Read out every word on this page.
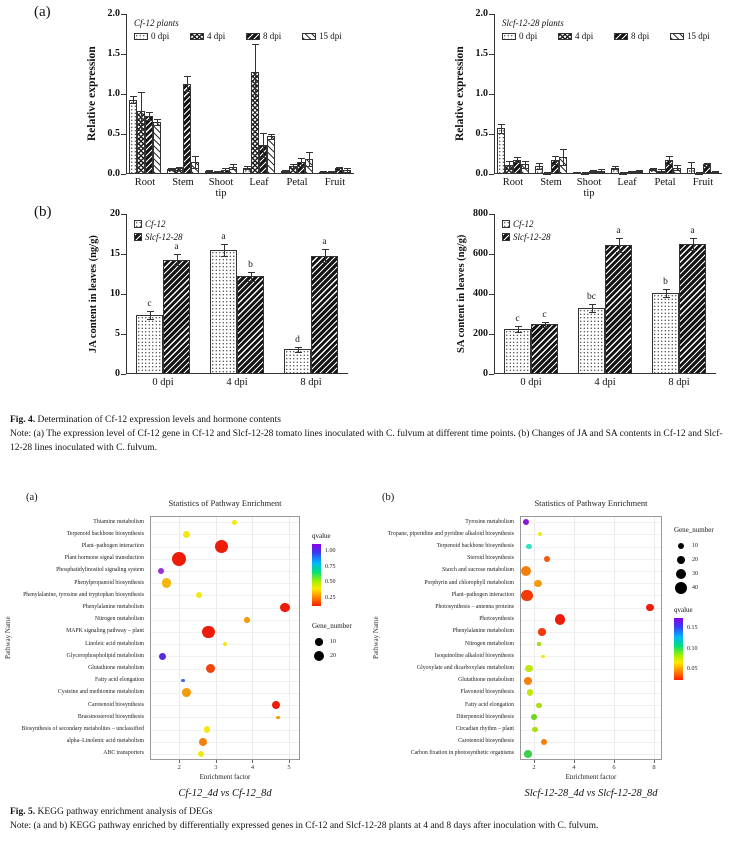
(a)
Relative expression
0.0
0.5
1.0
1.5
2.0
Root	Stem	Shoot tip
Leaf	Petal	Fruit
Cf-12 plants
0 dpi	4 dpi	8 dpi	15 dpi
Relative expression
0.0
0.5
1.0
1.5
2.0
Root	Stem	Shoot tip
Leaf	Petal	Fruit
Slcf-12-28 plants
0 dpi	4 dpi	8 dpi	15 dpi
(b)
JA content in leaves (ng/g)
0
5
10
15
20
0 dpi	4 dpi	8 dpi
c
a
d
a
b
a
Cf-12
Slcf-12-28	SA content in leaves (ng/g)
0
200
400
600
800
0 dpi	4 dpi	8 dpi
c
bc
b
c
a	a
Cf-12
Slcf-12-28
Fig. 4. Determination of Cf-12 expression levels and hormone contents
Note: (a) The expression level of Cf-12 gene in Cf-12 and Slcf-12-28 tomato lines inoculated with C. fulvum at different time points. (b) Changes of JA and SA contents in Cf-12 and Slcf-12-28 lines inoculated with C. fulvum.
(a)	Statistics of Pathway Enrichment
Pathway Name
2	3	4	5
Thiamine metabolism
Terpenoid backbone biosynthesis
Plant–pathogen interaction
Plant hormone signal transduction
Phosphatidylinositol signaling system
Phenylpropanoid biosynthesis
Phenylalanine, tyrosine and tryptophan biosynthesis
Phenylalanine metabolism
Nitrogen metabolism
MAPK signaling pathway – plant
Linoleic acid metabolism
Glycerophospholipid metabolism
Glutathione metabolism
Fatty acid elongation
Cysteine and methionine metabolism
Carotenoid biosynthesis
Brassinosteroid biosynthesis
Biosynthesis of secondary metabolites – unclassified
alpha–Linolenic acid metabolism
ABC transporters
Enrichment factor
Cf-12_4d vs Cf-12_8d
qvalue
1.00
0.75
0.50
0.25
Gene_number
10
20
(b)	Statistics of Pathway Enrichment
Pathway Name
2	4	6	8
Tyrosine metabolism
Tropane, piperidine and pyridine alkaloid biosynthesis
Terpenoid backbone biosynthesis
Steroid biosynthesis
Starch and sucrose metabolism
Porphyrin and chlorophyll metabolism
Plant–pathogen interaction
Photosynthesis – antenna proteins
Photosynthesis
Phenylalanine metabolism
Nitrogen metabolism
Isoquinoline alkaloid biosynthesis
Glyoxylate and dicarboxylate metabolism
Glutathione metabolism
Flavonoid biosynthesis
Fatty acid elongation
Diterpenoid biosynthesis
Circadian rhythm – plant
Carotenoid biosynthesis
Carbon fixation in photosynthetic organisms
Enrichment factor
Slcf-12-28_4d vs Slcf-12-28_8d
Gene_number
10
20
30
40
qvalue
0.15
0.10
0.05
Fig. 5. KEGG pathway enrichment analysis of DEGs
Note: (a and b) KEGG pathway enriched by differentially expressed genes in Cf-12 and Slcf-12-28 plants at 4 and 8 days after inoculation with C. fulvum.
